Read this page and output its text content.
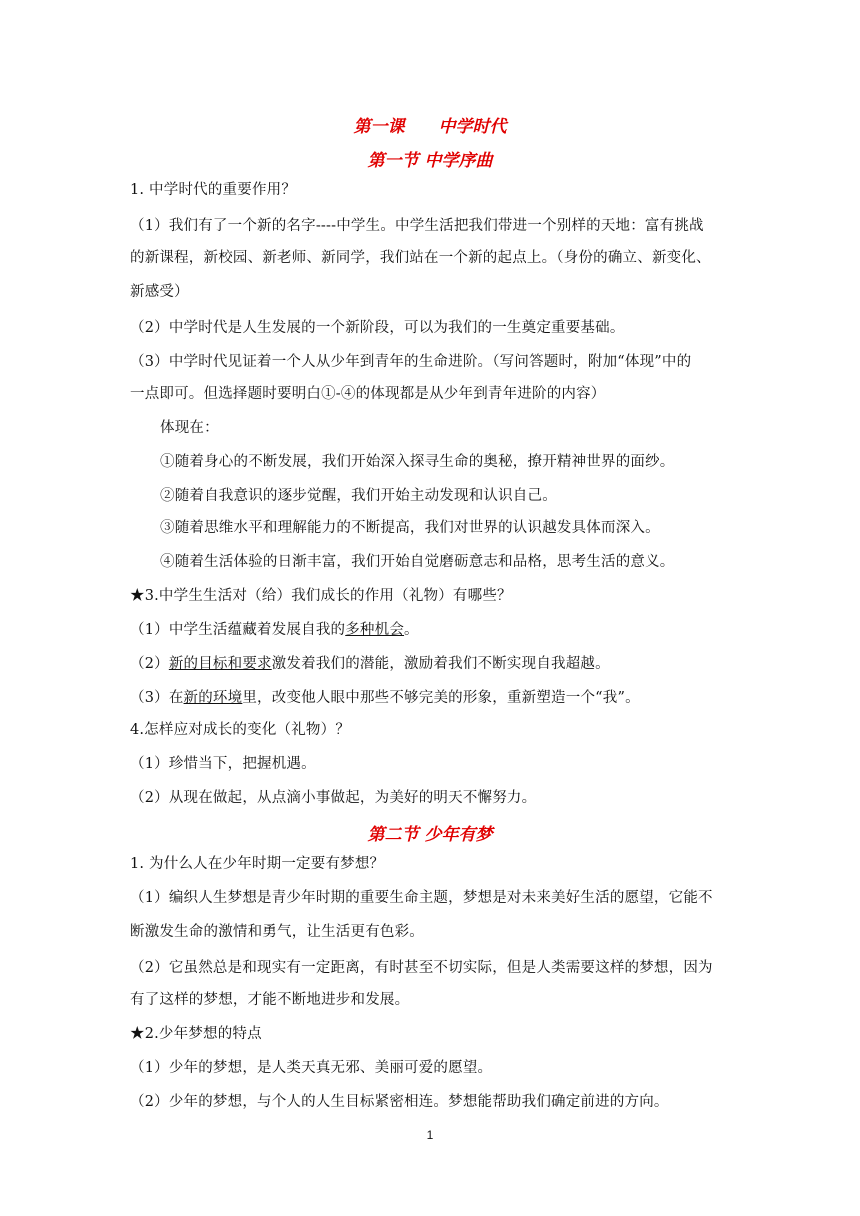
第一课　　中学时代
第一节 中学序曲
1. 中学时代的重要作用？
（1）我们有了一个新的名字----中学生。中学生活把我们带进一个别样的天地：富有挑战
的新课程，新校园、新老师、新同学，我们站在一个新的起点上。（身份的确立、新变化、
新感受）
（2）中学时代是人生发展的一个新阶段，可以为我们的一生奠定重要基础。
（3）中学时代见证着一个人从少年到青年的生命进阶。（写问答题时，附加“体现”中的
一点即可。但选择题时要明白①-④的体现都是从少年到青年进阶的内容）
体现在：
①随着身心的不断发展，我们开始深入探寻生命的奥秘，撩开精神世界的面纱。
②随着自我意识的逐步觉醒，我们开始主动发现和认识自己。
③随着思维水平和理解能力的不断提高，我们对世界的认识越发具体而深入。
④随着生活体验的日渐丰富，我们开始自觉磨砺意志和品格，思考生活的意义。
★3.中学生生活对（给）我们成长的作用（礼物）有哪些？
（1）中学生活蕴藏着发展自我的多种机会。
（2）新的目标和要求激发着我们的潜能，激励着我们不断实现自我超越。
（3）在新的环境里，改变他人眼中那些不够完美的形象，重新塑造一个“我”。
4.怎样应对成长的变化（礼物）？
（1）珍惜当下，把握机遇。
（2）从现在做起，从点滴小事做起，为美好的明天不懈努力。
第二节 少年有梦
1. 为什么人在少年时期一定要有梦想？
（1）编织人生梦想是青少年时期的重要生命主题，梦想是对未来美好生活的愿望，它能不
断激发生命的激情和勇气，让生活更有色彩。
（2）它虽然总是和现实有一定距离，有时甚至不切实际，但是人类需要这样的梦想，因为
有了这样的梦想，才能不断地进步和发展。
★2.少年梦想的特点
（1）少年的梦想，是人类天真无邪、美丽可爱的愿望。
（2）少年的梦想，与个人的人生目标紧密相连。梦想能帮助我们确定前进的方向。
1
